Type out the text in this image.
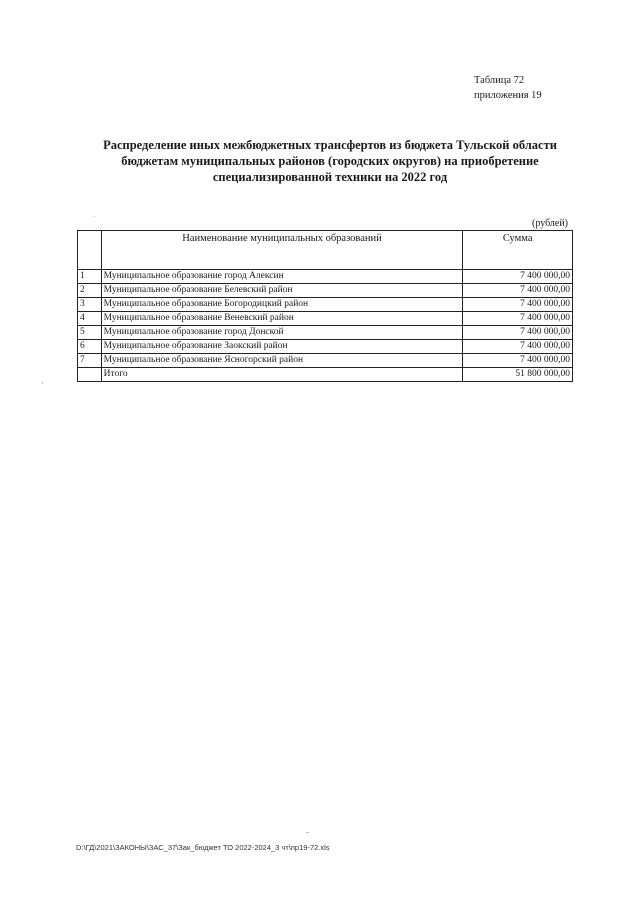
Таблица 72
приложения 19
Распределение иных межбюджетных трансфертов из бюджета Тульской области
бюджетам муниципальных районов (городских округов) на приобретение
специализированной техники на 2022 год
(рублей)
	Наименование муниципальных образований	Сумма
1	Муниципальное образование город Алексин	7 400 000,00
2	Муниципальное образование Белевский район	7 400 000,00
3	Муниципальное образование Богородицкий район	7 400 000,00
4	Муниципальное образование Веневский район	7 400 000,00
5	Муниципальное образование город Донской	7 400 000,00
6	Муниципальное образование Заокский район	7 400 000,00
7	Муниципальное образование Ясногорский район	7 400 000,00
	Итого	51 800 000,00
D:\ГД\2021\ЗАКОНЫ\ЗАС_37\Зак_бюджет ТО 2022-2024_3 чт\пр19-72.xls
